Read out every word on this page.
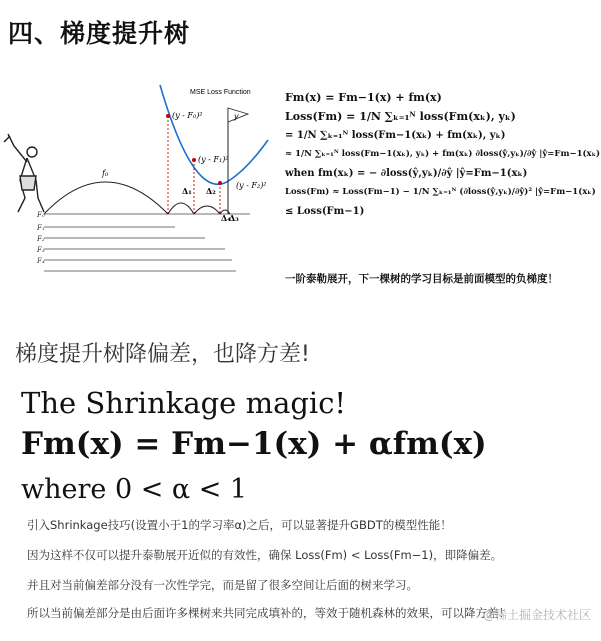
四、梯度提升树
F₀
F₁
F₂
F₃
F₄
f₀
Δ₁ Δ₂
Δ₄
Δ₃
MSE Loss Function
(y - F₀)²
(y - F₁)²
(y - F₂)²
y
Fm(x) = Fm−1(x) + fm(x)
Loss(Fm) = 1/N ∑ₖ₌₁ᴺ loss(Fm(xₖ), yₖ)
= 1/N ∑ₖ₌₁ᴺ loss(Fm−1(xₖ) + fm(xₖ), yₖ)
≈ 1/N ∑ₖ₌₁ᴺ loss(Fm−1(xₖ), yₖ) + fm(xₖ) ∂loss(ŷ,yₖ)/∂ŷ |ŷ=Fm−1(xₖ)
when fm(xₖ) = − ∂loss(ŷ,yₖ)/∂ŷ |ŷ=Fm−1(xₖ)
Loss(Fm) ≈ Loss(Fm−1) − 1/N ∑ₖ₌₁ᴺ (∂loss(ŷ,yₖ)/∂ŷ)² |ŷ=Fm−1(xₖ)
≤ Loss(Fm−1)
一阶泰勒展开，下一棵树的学习目标是前面模型的负梯度！
梯度提升树降偏差，也降方差!
The Shrinkage magic!
Fm(x) = Fm−1(x) + αfm(x)
where 0 < α < 1
引入Shrinkage技巧(设置小于1的学习率α)之后，可以显著提升GBDT的模型性能！
因为这样不仅可以提升泰勒展开近似的有效性，确保 Loss(Fm) < Loss(Fm−1)，即降偏差。
并且对当前偏差部分没有一次性学完，而是留了很多空间让后面的树来学习。
所以当前偏差部分是由后面许多棵树来共同完成填补的，等效于随机森林的效果，可以降方差！
@稀土掘金技术社区
